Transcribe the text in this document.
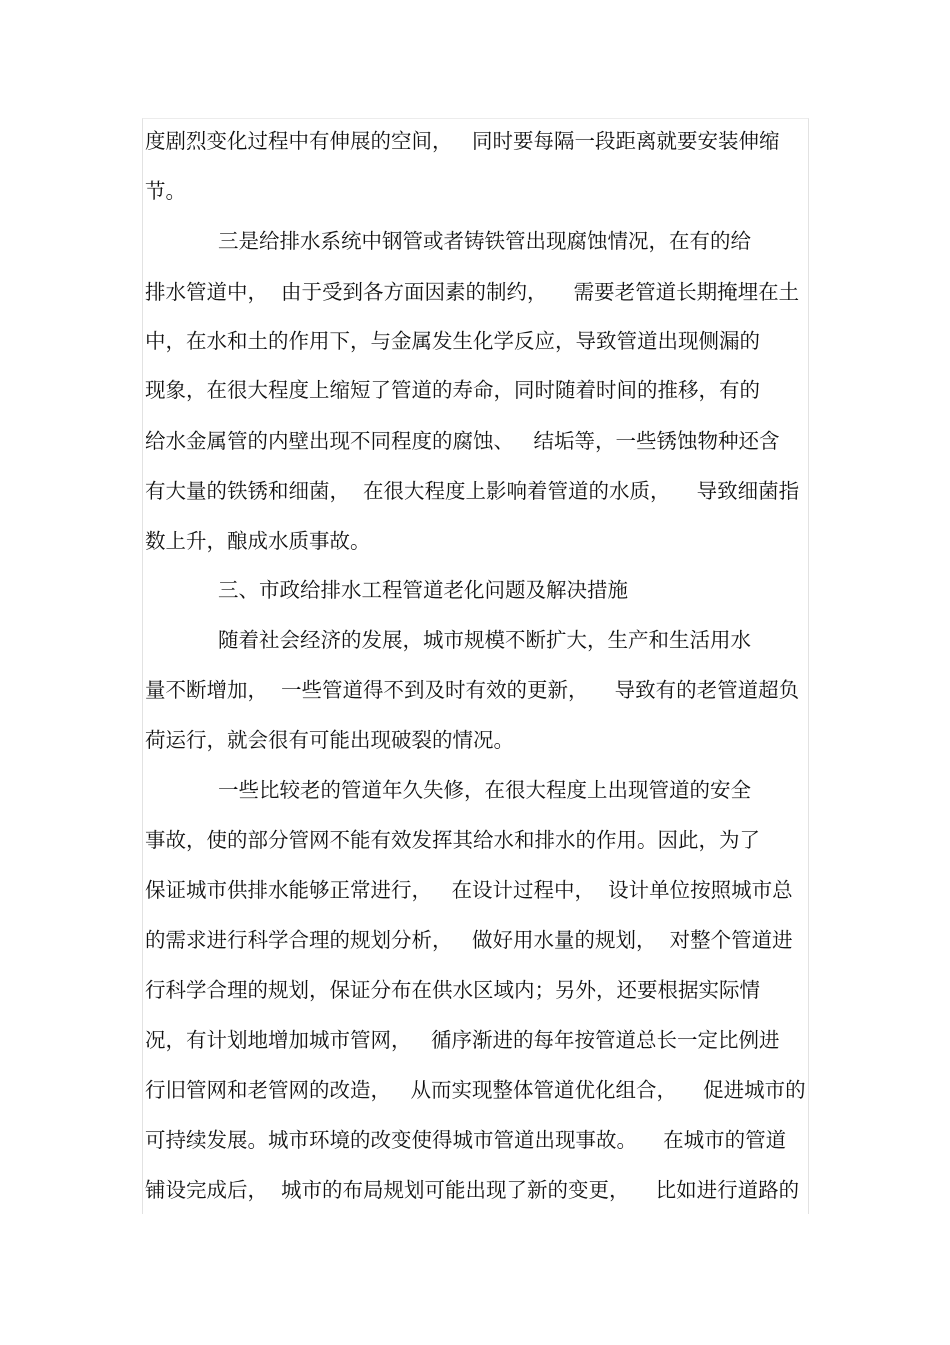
度剧烈变化过程中有伸展的空间，   同时要每隔一段距离就要安装伸缩
节。
三是给排水系统中钢管或者铸铁管出现腐蚀情况，在有的给
排水管道中，  由于受到各方面因素的制约，    需要老管道长期掩埋在土
中，在水和土的作用下，与金属发生化学反应，导致管道出现侧漏的
现象，在很大程度上缩短了管道的寿命，同时随着时间的推移，有的
给水金属管的内壁出现不同程度的腐蚀、   结垢等，一些锈蚀物种还含
有大量的铁锈和细菌，  在很大程度上影响着管道的水质，    导致细菌指
数上升，酿成水质事故。
三、市政给排水工程管道老化问题及解决措施
随着社会经济的发展，城市规模不断扩大，生产和生活用水
量不断增加，  一些管道得不到及时有效的更新，    导致有的老管道超负
荷运行，就会很有可能出现破裂的情况。
一些比较老的管道年久失修，在很大程度上出现管道的安全
事故，使的部分管网不能有效发挥其给水和排水的作用。因此，为了
保证城市供排水能够正常进行，   在设计过程中，  设计单位按照城市总
的需求进行科学合理的规划分析，   做好用水量的规划，  对整个管道进
行科学合理的规划，保证分布在供水区域内；另外，还要根据实际情
况，有计划地增加城市管网，   循序渐进的每年按管道总长一定比例进
行旧管网和老管网的改造，   从而实现整体管道优化组合，    促进城市的
可持续发展。城市环境的改变使得城市管道出现事故。    在城市的管道
铺设完成后，  城市的布局规划可能出现了新的变更，    比如进行道路的
